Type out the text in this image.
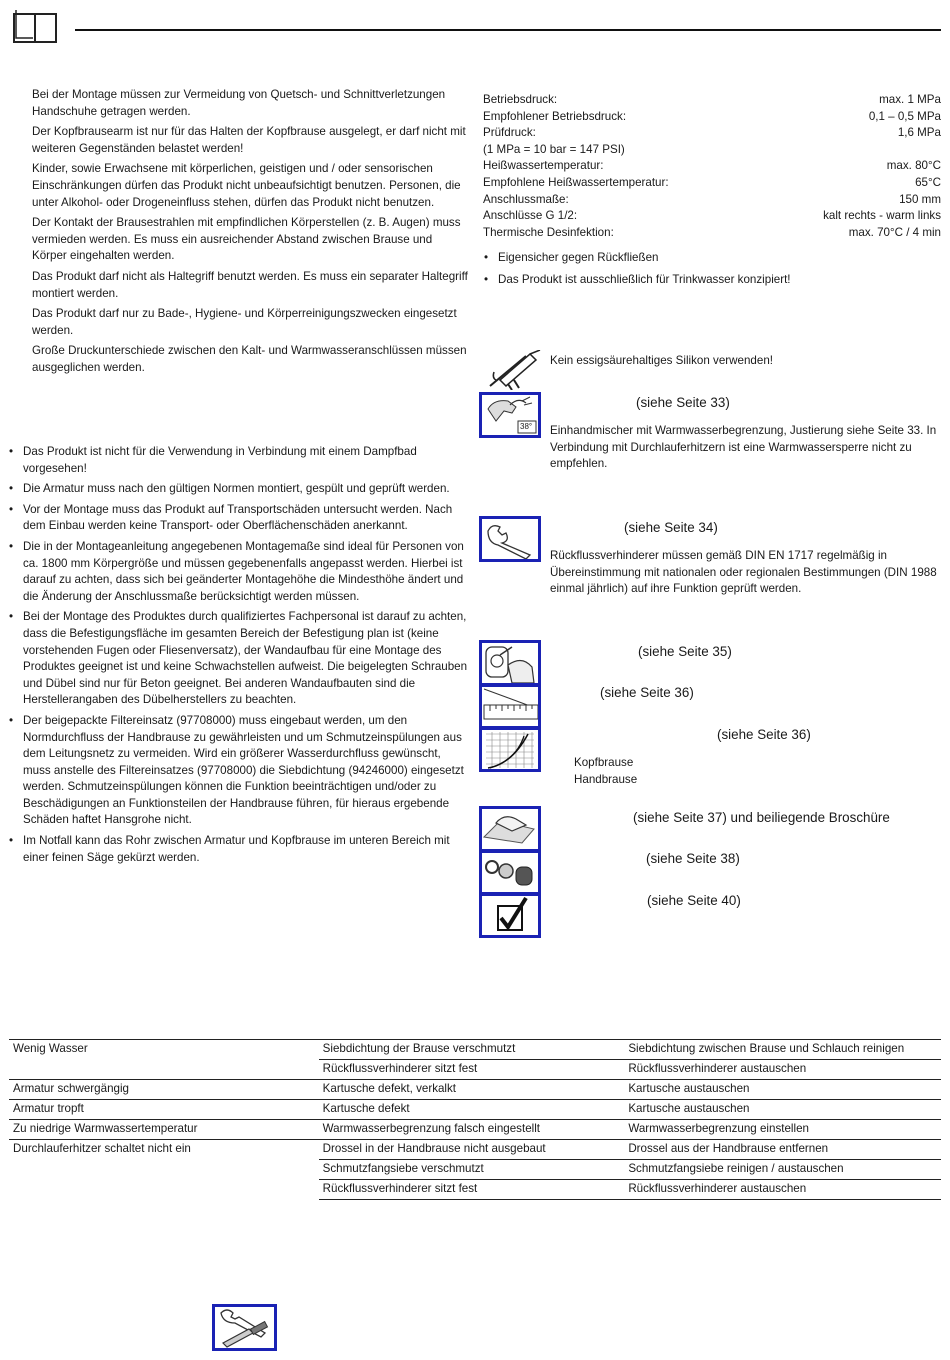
Bei der Montage müssen zur Vermeidung von Quetsch- und Schnittverletzungen Handschuhe getragen werden.

Der Kopfbrausearm ist nur für das Halten der Kopfbrause ausgelegt, er darf nicht mit weiteren Gegenständen belastet werden!

Kinder, sowie Erwachsene mit körperlichen, geistigen und / oder sensorischen Einschränkungen dürfen das Produkt nicht unbeaufsichtigt benutzen. Personen, die unter Alkohol- oder Drogeneinfluss stehen, dürfen das Produkt nicht benutzen.

Der Kontakt der Brausestrahlen mit empfindlichen Körperstellen (z. B. Augen) muss vermieden werden. Es muss ein ausreichender Abstand zwischen Brause und Körper eingehalten werden.

Das Produkt darf nicht als Haltegriff benutzt werden. Es muss ein separater Haltegriff montiert werden.

Das Produkt darf nur zu Bade-, Hygiene- und Körperreinigungszwecken eingesetzt werden.

Große Druckunterschiede zwischen den Kalt- und Warmwasseranschlüssen müssen ausgeglichen werden.

• Das Produkt ist nicht für die Verwendung in Verbindung mit einem Dampfbad vorgesehen!
• Die Armatur muss nach den gültigen Normen montiert, gespült und geprüft werden.
• Vor der Montage muss das Produkt auf Transportschäden untersucht werden. Nach dem Einbau werden keine Transport- oder Oberflächenschäden anerkannt.
• Die in der Montageanleitung angegebenen Montagemaße sind ideal für Personen von ca. 1800 mm Körpergröße und müssen gegebenenfalls angepasst werden. Hierbei ist darauf zu achten, dass sich bei geänderter Montagehöhe die Mindesthöhe ändert und die Änderung der Anschlussmaße berücksichtigt werden müssen.
• Bei der Montage des Produktes durch qualifiziertes Fachpersonal ist darauf zu achten, dass die Befestigungsfläche im gesamten Bereich der Befestigung plan ist (keine vorstehenden Fugen oder Fliesenversatz), der Wandaufbau für eine Montage des Produktes geeignet ist und keine Schwachstellen aufweist. Die beigelegten Schrauben und Dübel sind nur für Beton geeignet. Bei anderen Wandaufbauten sind die Herstellerangaben des Dübelherstellers zu beachten.
• Der beigepackte Filtereinsatz (97708000) muss eingebaut werden, um den Normdurchfluss der Handbrause zu gewährleisten und um Schmutzeinspülungen aus dem Leitungsnetz zu vermeiden. Wird ein größerer Wasserdurchfluss gewünscht, muss anstelle des Filtereinsatzes (97708000) die Siebdichtung (94246000) eingesetzt werden. Schmutzeinspülungen können die Funktion beeinträchtigen und/oder zu Beschädigungen an Funktionsteilen der Handbrause führen, für hieraus ergebende Schäden haftet Hansgrohe nicht.
• Im Notfall kann das Rohr zwischen Armatur und Kopfbrause im unteren Bereich mit einer feinen Säge gekürzt werden.
Betriebsdruck:	max. 1 MPa
Empfohlener Betriebsdruck:	0,1 – 0,5 MPa
Prüfdruck:	1,6 MPa
(1 MPa = 10 bar = 147 PSI)
Heißwassertemperatur:	max. 80°C
Empfohlene Heißwassertemperatur:	65°C
Anschlussmaße:	150 mm
Anschlüsse G 1/2:	kalt rechts - warm links
Thermische Desinfektion:	max. 70°C / 4 min
• Eigensicher gegen Rückfließen
• Das Produkt ist ausschließlich für Trinkwasser konzipiert!
Kein essigsäurehaltiges Silikon verwenden!
38°
(siehe Seite 33)
Einhandmischer mit Warmwasserbegrenzung, Justierung siehe Seite 33. In Verbindung mit Durchlauferhitzern ist eine Warmwassersperre nicht zu empfehlen.
(siehe Seite 34)
Rückflussverhinderer müssen gemäß DIN EN 1717 regelmäßig in Übereinstimmung mit nationalen oder regionalen Bestimmungen (DIN 1988 einmal jährlich) auf ihre Funktion geprüft werden.
(siehe Seite 35)
(siehe Seite 36)
(siehe Seite 36)
Kopfbrause
Handbrause
(siehe Seite 37) und beiliegende Broschüre
(siehe Seite 38)
(siehe Seite 40)
Wenig Wasser	Siebdichtung der Brause verschmutzt	Siebdichtung zwischen Brause und Schlauch reinigen
	Rückflussverhinderer sitzt fest	Rückflussverhinderer austauschen
Armatur schwergängig	Kartusche defekt, verkalkt	Kartusche austauschen
Armatur tropft	Kartusche defekt	Kartusche austauschen
Zu niedrige Warmwassertemperatur	Warmwasserbegrenzung falsch eingestellt	Warmwasserbegrenzung einstellen
Durchlauferhitzer schaltet nicht ein	Drossel in der Handbrause nicht ausgebaut	Drossel aus der Handbrause entfernen
	Schmutzfangsiebe verschmutzt	Schmutzfangsiebe reinigen / austauschen
	Rückflussverhinderer sitzt fest	Rückflussverhinderer austauschen
